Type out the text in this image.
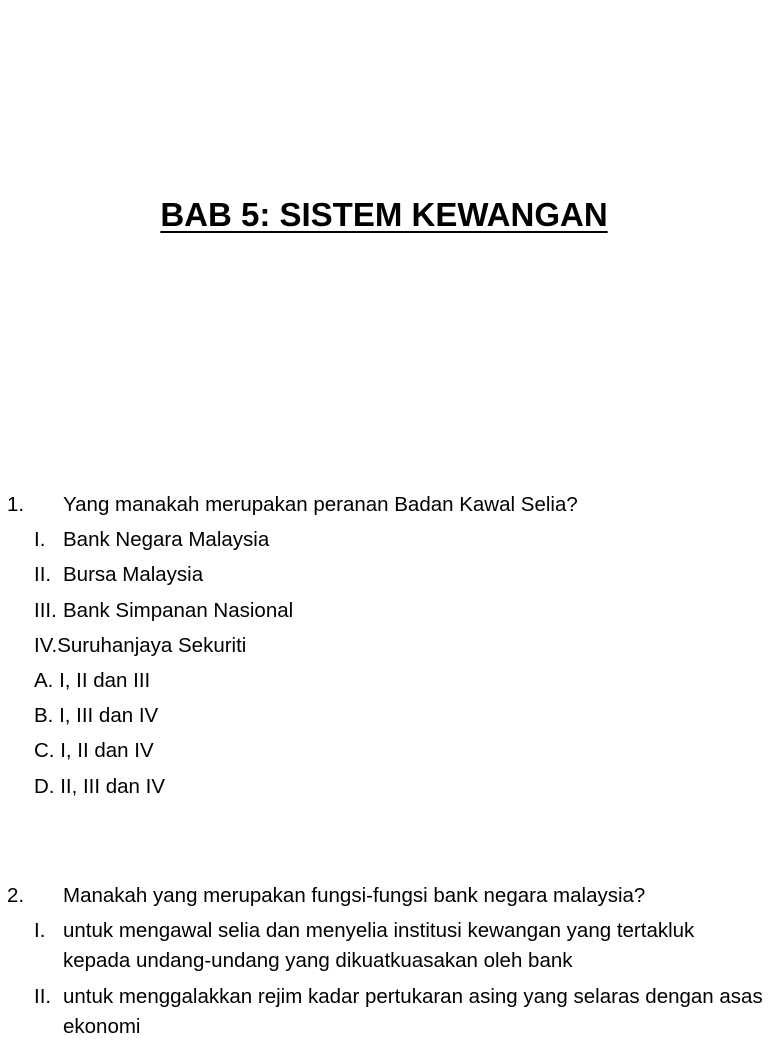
BAB 5: SISTEM KEWANGAN
1. Yang manakah merupakan peranan Badan Kawal Selia?
I. Bank Negara Malaysia
II. Bursa Malaysia
III. Bank Simpanan Nasional
IV.Suruhanjaya Sekuriti
A. I, II dan III
B. I, III dan IV
C. I, II dan IV
D. II, III dan IV
2. Manakah yang merupakan fungsi-fungsi bank negara malaysia?
I. untuk mengawal selia dan menyelia institusi kewangan yang tertakluk kepada undang-undang yang dikuatkuasakan oleh bank
II. untuk menggalakkan rejim kadar pertukaran asing yang selaras dengan asas ekonomi
